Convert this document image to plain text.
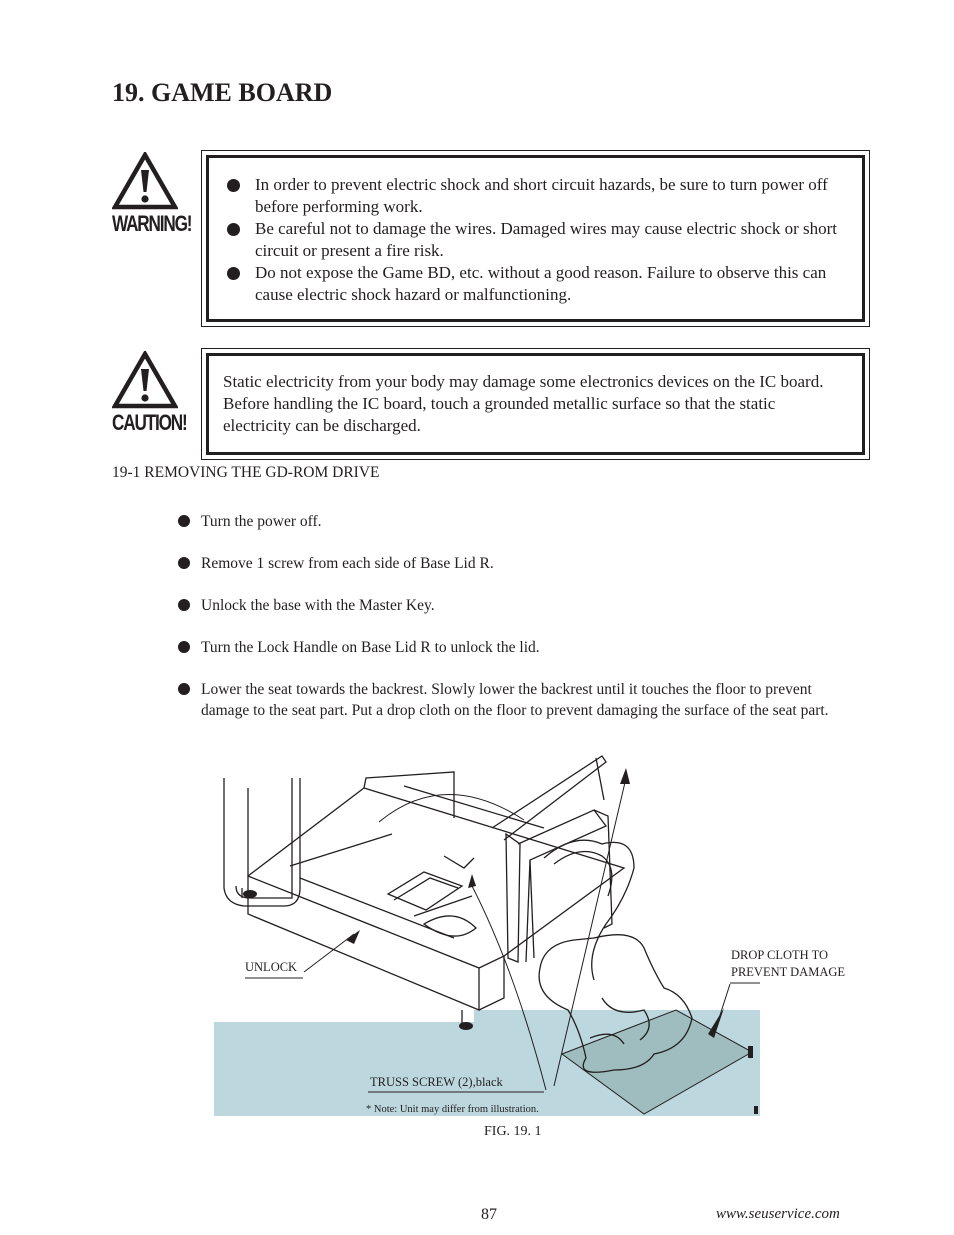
19. GAME BOARD
WARNING!
In order to prevent electric shock and short circuit hazards, be sure to turn power off before performing work.
Be careful not to damage the wires. Damaged wires may cause electric shock or short circuit or present a fire risk.
Do not expose the Game BD, etc. without a good reason. Failure to observe this can cause electric shock hazard or malfunctioning.
CAUTION!

Static electricity from your body may damage some electronics devices on the IC board. Before handling the IC board, touch a grounded metallic surface so that the static electricity can be discharged.

19-1 REMOVING THE GD-ROM DRIVE
Turn the power off.
Remove 1 screw from each side of Base Lid R.
Unlock the base with the Master Key.
Turn the Lock Handle on Base Lid R to unlock the lid.
Lower the seat towards the backrest. Slowly lower the backrest until it touches the floor to prevent damage to the seat part. Put a drop cloth on the floor to prevent damaging the surface of the seat part.
UNLOCK
DROP CLOTH TO
PREVENT DAMAGE
TRUSS SCREW (2),black
* Note: Unit may differ from illustration.
FIG. 19. 1
87	www.seuservice.com
